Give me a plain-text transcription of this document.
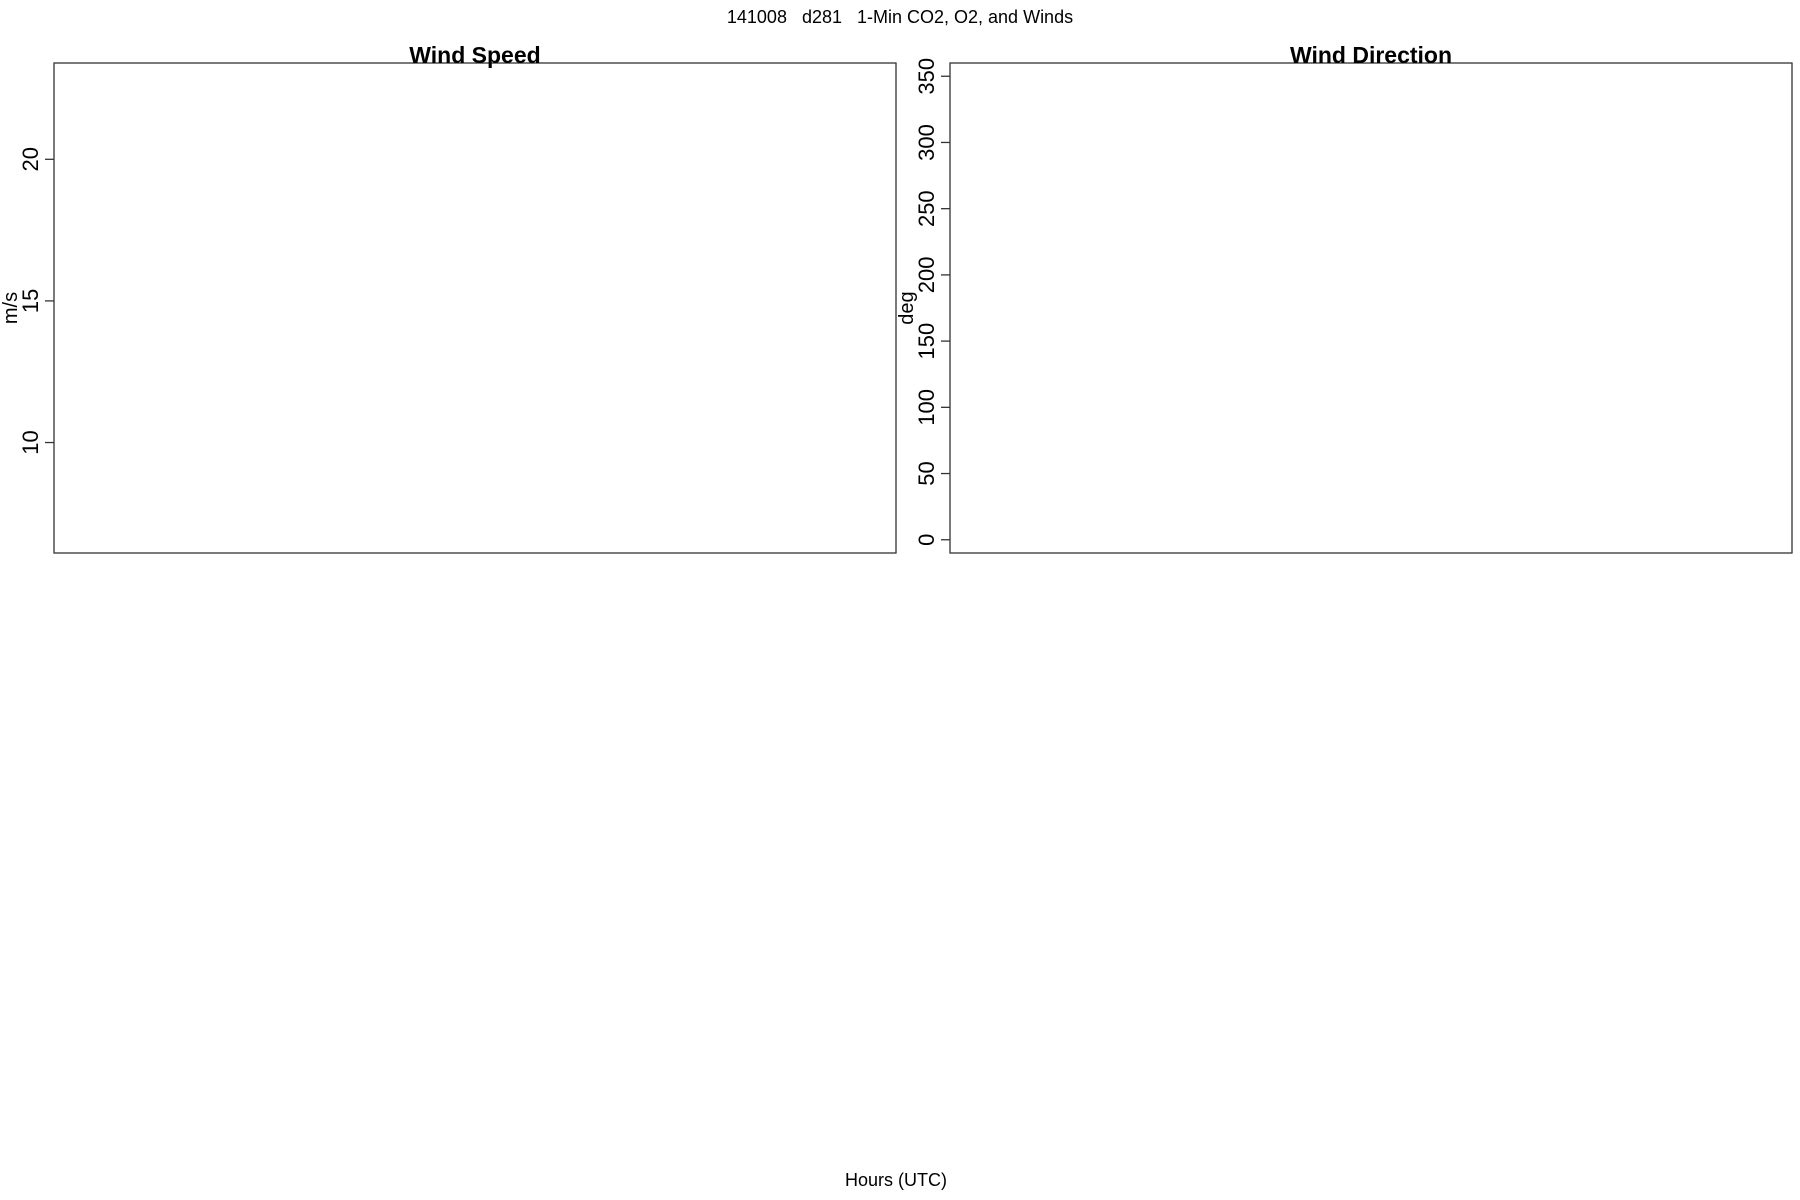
141008   d281   1-Min CO2, O2, and Winds
Wind Speed
m/s
10
15
20
Wind Direction
deg
0
50
100
150
200
250
300
350
Hours (UTC)
